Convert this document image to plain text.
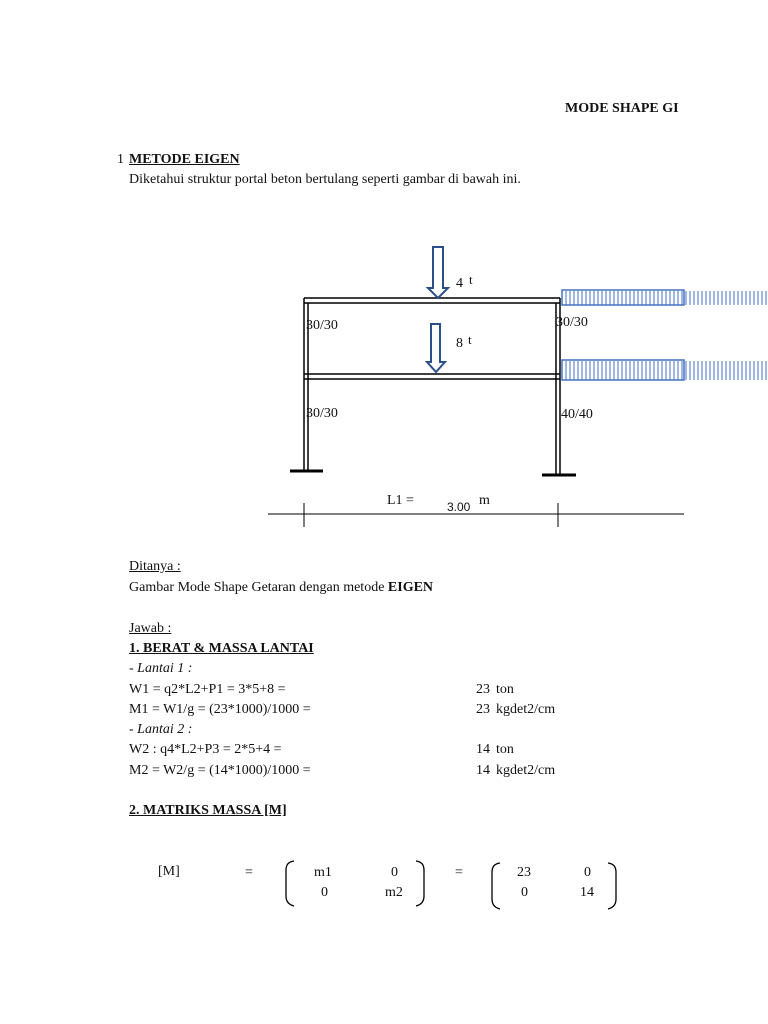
MODE SHAPE GI
1 METODE EIGEN
Diketahui struktur portal beton bertulang seperti gambar di bawah ini.
4 t
8 t
30/30	30/30
30/30	40/40
L1 =	3.00 m
Ditanya :
Gambar Mode Shape Getaran dengan metode EIGEN
Jawab :
1. BERAT & MASSA LANTAI
- Lantai 1 :
W1 = q2*L2+P1 = 3*5+8 =	23 ton
M1 = W1/g = (23*1000)/1000 =	23 kgdet2/cm
- Lantai 2 :
W2 : q4*L2+P3 = 2*5+4 =	14 ton
M2 = W2/g = (14*1000)/1000 =	14 kgdet2/cm
2. MATRIKS MASSA [M]
[M]	=	=
m1	0
0	m2
23	0
0	14
